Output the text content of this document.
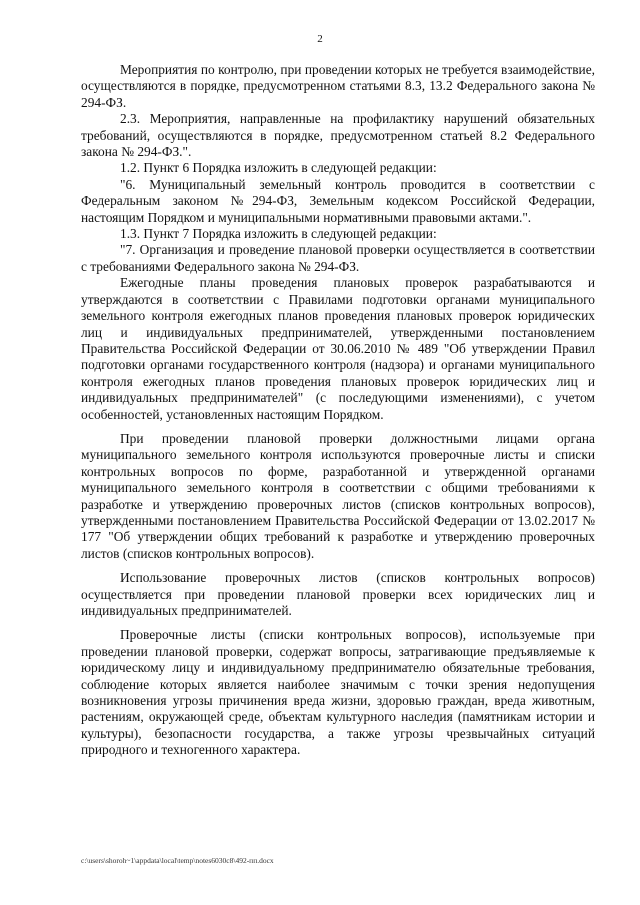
2

Мероприятия по контролю, при проведении которых не требуется взаимодействие, осуществляются в порядке, предусмотренном статьями 8.3, 13.2 Федерального закона № 294-ФЗ.

2.3. Мероприятия, направленные на профилактику нарушений обязательных требований, осуществляются в порядке, предусмотренном статьей 8.2 Федерального закона № 294-ФЗ.".

1.2. Пункт 6 Порядка изложить в следующей редакции:

"6. Муниципальный земельный контроль проводится в соответствии с Федеральным законом №294-ФЗ, Земельным кодексом Российской Федерации, настоящим Порядком и муниципальными нормативными правовыми актами.".

1.3. Пункт 7 Порядка изложить в следующей редакции:

"7. Организация и проведение плановой проверки осуществляется в соответствии с требованиями Федерального закона № 294-ФЗ.

Ежегодные планы проведения плановых проверок разрабатываются и утверждаются в соответствии с Правилами подготовки органами муниципального земельного контроля ежегодных планов проведения плановых проверок юридических лиц и индивидуальных предпринимателей, утвержденными постановлением Правительства Российской Федерации от 30.06.2010 № 489 "Об утверждении Правил подготовки органами государственного контроля (надзора) и органами муниципального контроля ежегодных планов проведения плановых проверок юридических лиц и индивидуальных предпринимателей" (с последующими изменениями), с учетом особенностей, установленных настоящим Порядком.

При проведении плановой проверки должностными лицами органа муниципального земельного контроля используются проверочные листы и списки контрольных вопросов по форме, разработанной и утвержденной органами муниципального земельного контроля в соответствии с общими требованиями к разработке и утверждению проверочных листов (списков контрольных вопросов), утвержденными постановлением Правительства Российской Федерации от 13.02.2017 № 177 "Об утверждении общих требований к разработке и утверждению проверочных листов (списков контрольных вопросов).

Использование проверочных листов (списков контрольных вопросов) осуществляется при проведении плановой проверки всех юридических лиц и индивидуальных предпринимателей.

Проверочные листы (списки контрольных вопросов), используемые при проведении плановой проверки, содержат вопросы, затрагивающие предъявляемые к юридическому лицу и индивидуальному предпринимателю обязательные требования, соблюдение которых является наиболее значимым с точки зрения недопущения возникновения угрозы причинения вреда жизни, здоровью граждан, вреда животным, растениям, окружающей среде, объектам культурного наследия (памятникам истории и культуры), безопасности государства, а также угрозы чрезвычайных ситуаций природного и техногенного характера.

c:\users\shoroh~1\appdata\local\temp\notes6030c8\492-пп.docx
